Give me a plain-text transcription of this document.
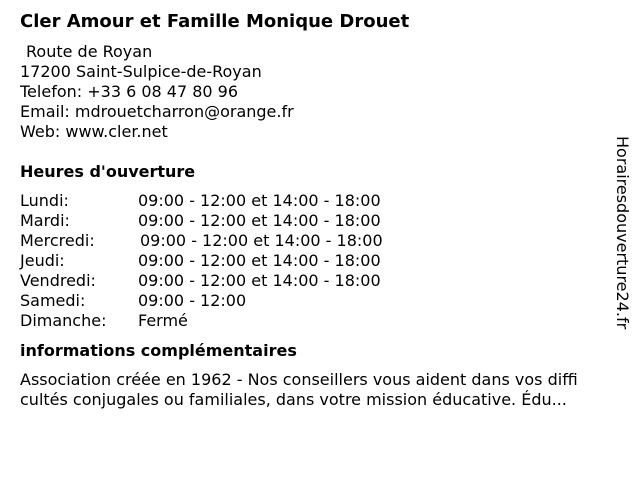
Cler Amour et Famille Monique Drouet
Route de Royan
17200 Saint-Sulpice-de-Royan
Telefon: +33 6 08 47 80 96
Email: mdrouetcharron@orange.fr
Web: www.cler.net
Heures d'ouverture
Lundi:	09:00 - 12:00 et 14:00 - 18:00
Mardi:	09:00 - 12:00 et 14:00 - 18:00
Mercredi:	09:00 - 12:00 et 14:00 - 18:00
Jeudi:	09:00 - 12:00 et 14:00 - 18:00
Vendredi:	09:00 - 12:00 et 14:00 - 18:00
Samedi:	09:00 - 12:00
Dimanche:	Fermé
informations complémentaires
Association créée en 1962 - Nos conseillers vous aident dans vos diffi
cultés conjugales ou familiales, dans votre mission éducative. Édu...
Horairesdouverture24.fr
